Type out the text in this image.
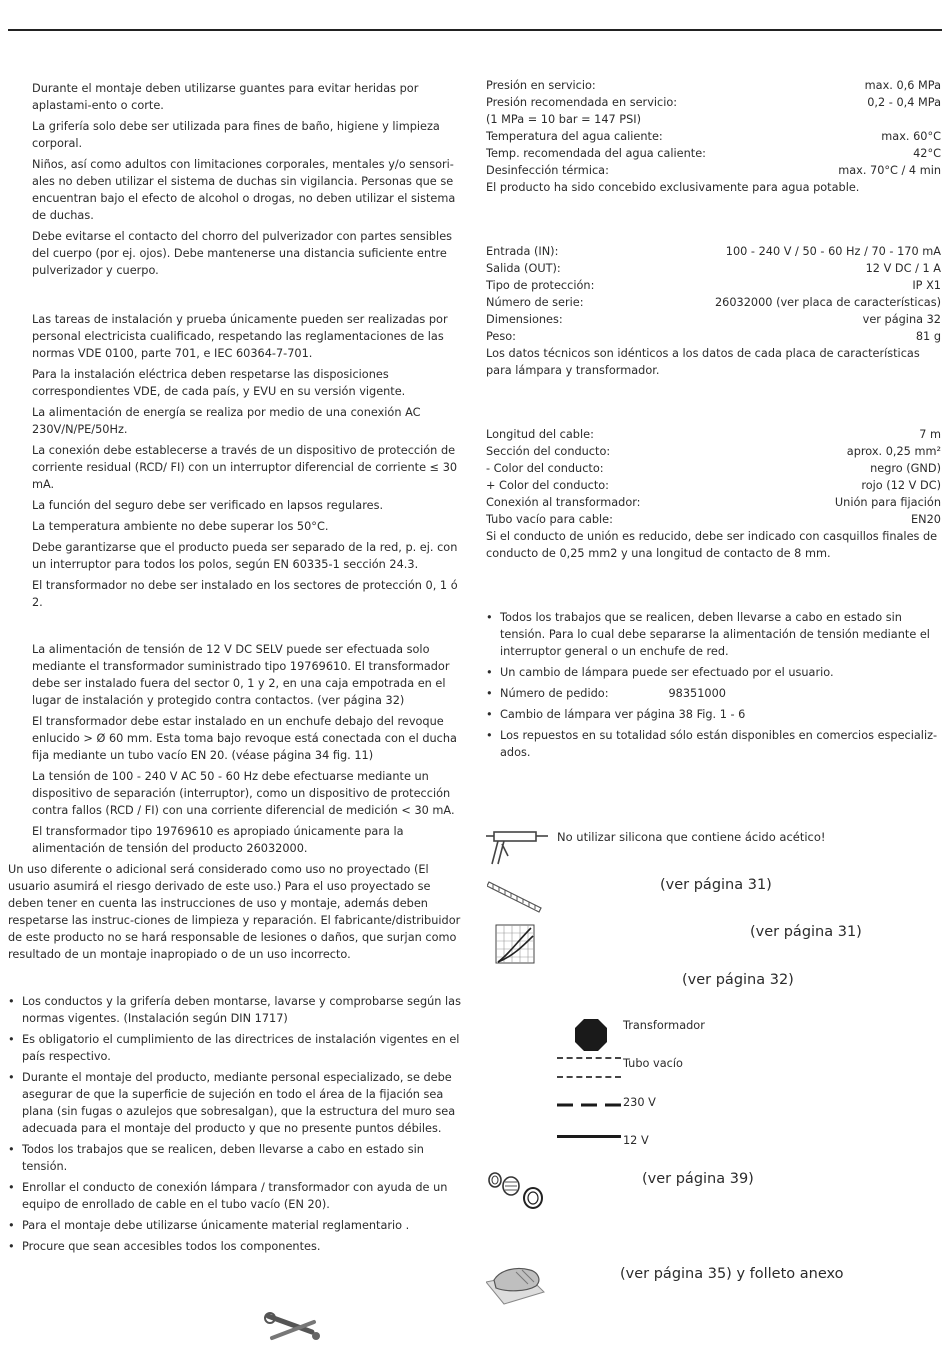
Durante el montaje deben utilizarse guantes para evitar heridas por aplastami-ento o corte.

La grifería solo debe ser utilizada para fines de baño, higiene y limpieza corporal.

Niños, así como adultos con limitaciones corporales, mentales y/o sensori-ales no deben utilizar el sistema de duchas sin vigilancia. Personas que se encuentran bajo el efecto de alcohol o drogas, no deben utilizar el sistema de duchas.

Debe evitarse el contacto del chorro del pulverizador con partes sensibles del cuerpo (por ej. ojos). Debe mantenerse una distancia suficiente entre pulverizador y cuerpo.

Las tareas de instalación y prueba únicamente pueden ser realizadas por personal electricista cualificado, respetando las reglamentaciones de las normas VDE 0100, parte 701, e IEC 60364-7-701.

Para la instalación eléctrica deben respetarse las disposiciones correspondientes VDE, de cada país, y EVU en su versión vigente.

La alimentación de energía se realiza por medio de una conexión AC 230V/N/PE/50Hz.

La conexión debe establecerse a través de un dispositivo de protección de corriente residual (RCD/ FI) con un interruptor diferencial de corriente ≤ 30 mA.

La función del seguro debe ser verificado en lapsos regulares.

La temperatura ambiente no debe superar los 50°C.

Debe garantizarse que el producto pueda ser separado de la red, p. ej. con un interruptor para todos los polos, según EN 60335-1 sección 24.3.

El transformador no debe ser instalado en los sectores de protección 0, 1 ó 2.

La alimentación de tensión de 12 V DC SELV puede ser efectuada solo mediante el transformador suministrado tipo 19769610. El transformador debe ser instalado fuera del sector 0, 1 y 2, en una caja empotrada en el lugar de instalación y protegido contra contactos. (ver página 32)

El transformador debe estar instalado en un enchufe debajo del revoque enlucido > Ø 60 mm. Esta toma bajo revoque está conectada con el ducha fija mediante un tubo vacío EN 20. (véase página 34 fig. 11)

La tensión de 100 - 240 V AC 50 - 60 Hz debe efectuarse mediante un dispositivo de separación (interruptor), como un dispositivo de protección contra fallos (RCD / FI) con una corriente diferencial de medición < 30 mA.

El transformador tipo 19769610 es apropiado únicamente para la alimentación de tensión del producto 26032000.

Un uso diferente o adicional será considerado como uso no proyectado (El usuario asumirá el riesgo derivado de este uso.) Para el uso proyectado se deben tener en cuenta las instrucciones de uso y montaje, además deben respetarse las instruc-ciones de limpieza y reparación. El fabricante/distribuidor de este producto no se hará responsable de lesiones o daños, que surjan como resultado de un montaje inapropiado o de un uso incorrecto.

• Los conductos y la grifería deben montarse, lavarse y comprobarse según las normas vigentes. (Instalación según DIN 1717)
• Es obligatorio el cumplimiento de las directrices de instalación vigentes en el país respectivo.
• Durante el montaje del producto, mediante personal especializado, se debe asegurar de que la superficie de sujeción en todo el área de la fijación sea plana (sin fugas o azulejos que sobresalgan), que la estructura del muro sea adecuada para el montaje del producto y que no presente puntos débiles.
• Todos los trabajos que se realicen, deben llevarse a cabo en estado sin tensión.
• Enrollar el conducto de conexión lámpara / transformador con ayuda de un equipo de enrollado de cable en el tubo vacío (EN 20).
• Para el montaje debe utilizarse únicamente material reglamentario .
• Procure que sean accesibles todos los componentes.
Presión en servicio:	max. 0,6 MPa
Presión recomendada en servicio:	0,2 - 0,4 MPa
(1 MPa = 10 bar = 147 PSI)
Temperatura del agua caliente:	max. 60°C
Temp. recomendada del agua caliente:	42°C
Desinfección térmica:	max. 70°C / 4 min
El producto ha sido concebido exclusivamente para agua potable.
Entrada (IN):	100 - 240 V / 50 - 60 Hz / 70 - 170 mA
Salida (OUT):	12 V DC / 1 A
Tipo de protección:	IP X1
Número de serie:	26032000 (ver placa de características)
Dimensiones:	ver página 32
Peso:	81 g
Los datos técnicos son idénticos a los datos de cada placa de características para lámpara y transformador.
Longitud del cable:	7 m
Sección del conducto:	aprox. 0,25 mm²
- Color del conducto:	negro (GND)
+ Color del conducto:	rojo (12 V DC)
Conexión al transformador:	Unión para fijación
Tubo vacío para cable:	EN20
Si el conducto de unión es reducido, debe ser indicado con casquillos finales de conducto de 0,25 mm2 y una longitud de contacto de 8 mm.
• Todos los trabajos que se realicen, deben llevarse a cabo en estado sin tensión. Para lo cual debe separarse la alimentación de tensión mediante el interruptor general o un enchufe de red.
• Un cambio de lámpara puede ser efectuado por el usuario.
• Número de pedido:	98351000
• Cambio de lámpara ver página 38 Fig. 1 - 6
• Los repuestos en su totalidad sólo están disponibles en comercios especializ-ados.
No utilizar silicona que contiene ácido acético!
(ver página 31)
(ver página 31)
(ver página 32)
Transformador
Tubo vacío
230 V
12 V
(ver página 39)
(ver página 35) y folleto anexo
